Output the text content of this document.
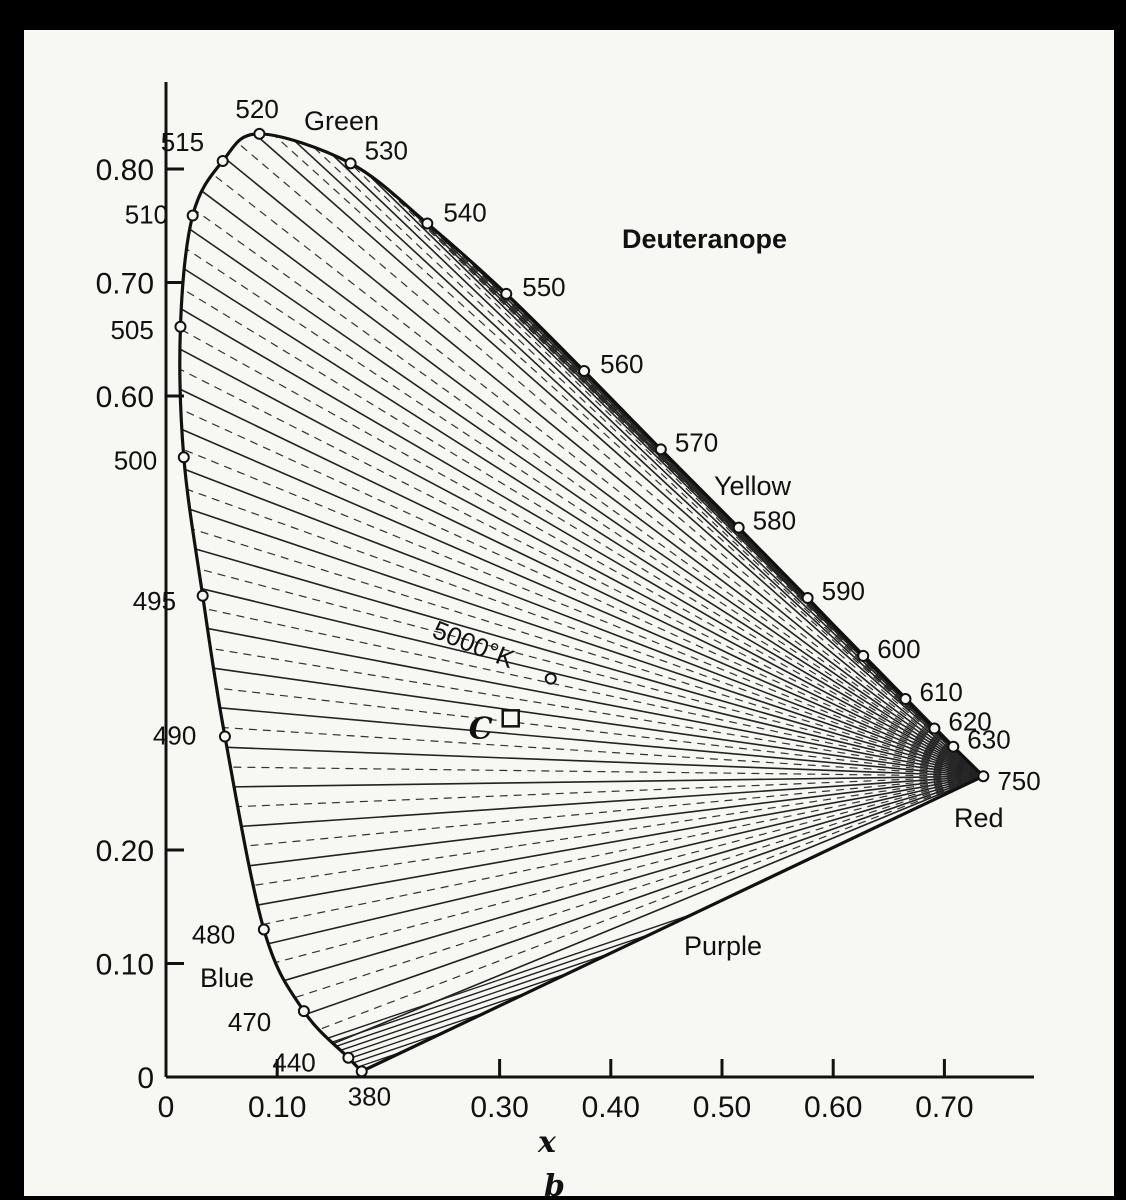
0
0.10
0.20
0.60
0.70
0.80
0 0.10	0.30 0.40 0.50 0.60 0.70
380
440
470
480
490
495
500
505
510
515
520
530
540
550
560
570
580
590
600
610
620
630
750
C
5000°K
Deuteranope
Green
Yellow
Red
Purple
Blue
x
b
